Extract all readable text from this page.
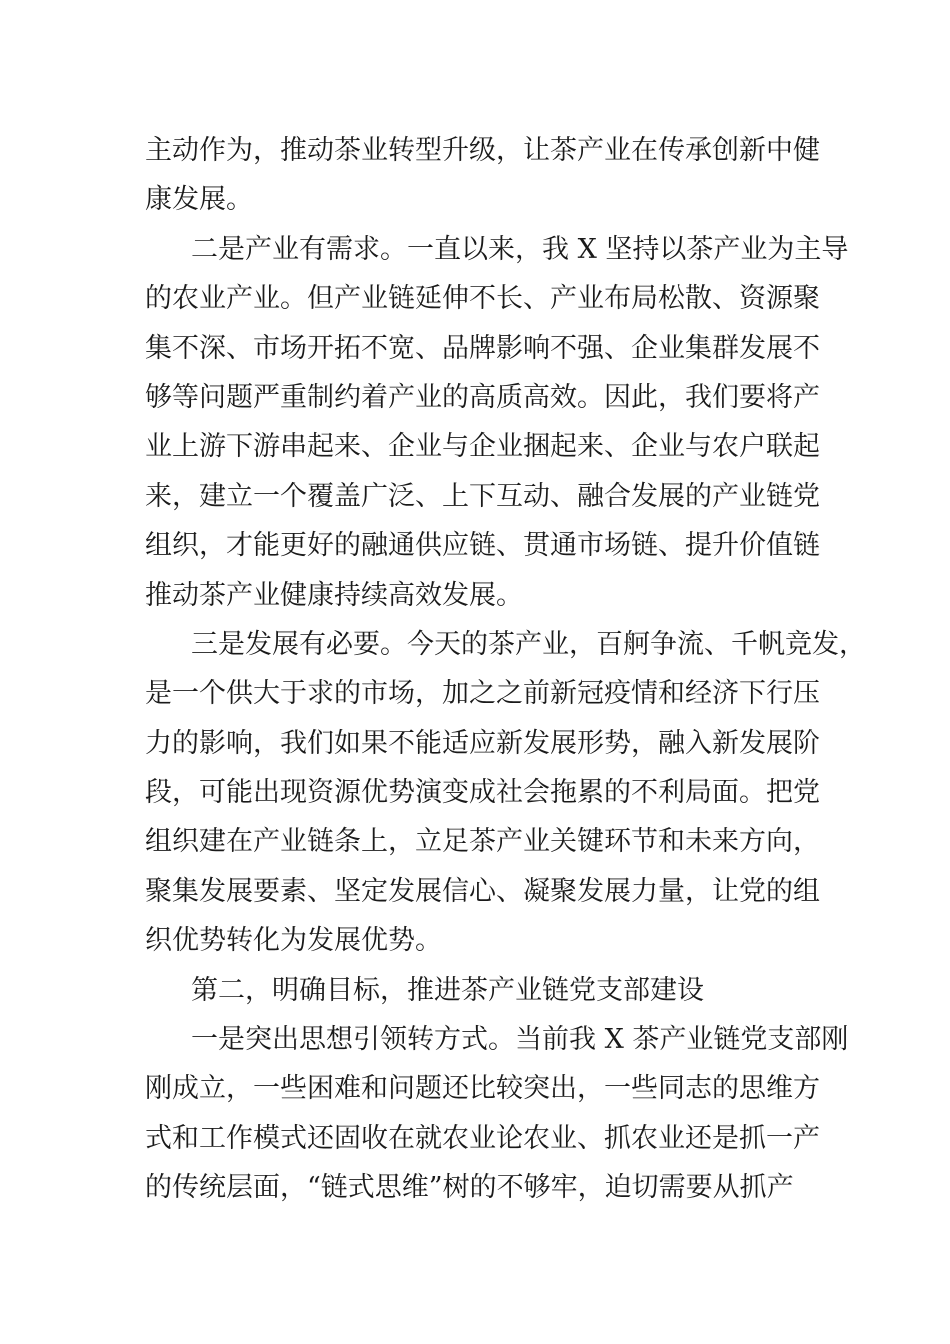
主动作为，推动茶业转型升级，让茶产业在传承创新中健
康发展。
二是产业有需求。一直以来，我 X 坚持以茶产业为主导
的农业产业。但产业链延伸不长、产业布局松散、资源聚
集不深、市场开拓不宽、品牌影响不强、企业集群发展不
够等问题严重制约着产业的高质高效。因此，我们要将产
业上游下游串起来、企业与企业捆起来、企业与农户联起
来，建立一个覆盖广泛、上下互动、融合发展的产业链党
组织，才能更好的融通供应链、贯通市场链、提升价值链
推动茶产业健康持续高效发展。
三是发展有必要。今天的茶产业，百舸争流、千帆竞发，
是一个供大于求的市场，加之之前新冠疫情和经济下行压
力的影响，我们如果不能适应新发展形势，融入新发展阶
段，可能出现资源优势演变成社会拖累的不利局面。把党
组织建在产业链条上，立足茶产业关键环节和未来方向，
聚集发展要素、坚定发展信心、凝聚发展力量，让党的组
织优势转化为发展优势。
第二，明确目标，推进茶产业链党支部建设
一是突出思想引领转方式。当前我 X 茶产业链党支部刚
刚成立，一些困难和问题还比较突出，一些同志的思维方
式和工作模式还固收在就农业论农业、抓农业还是抓一产
的传统层面，“链式思维”树的不够牢，迫切需要从抓产
